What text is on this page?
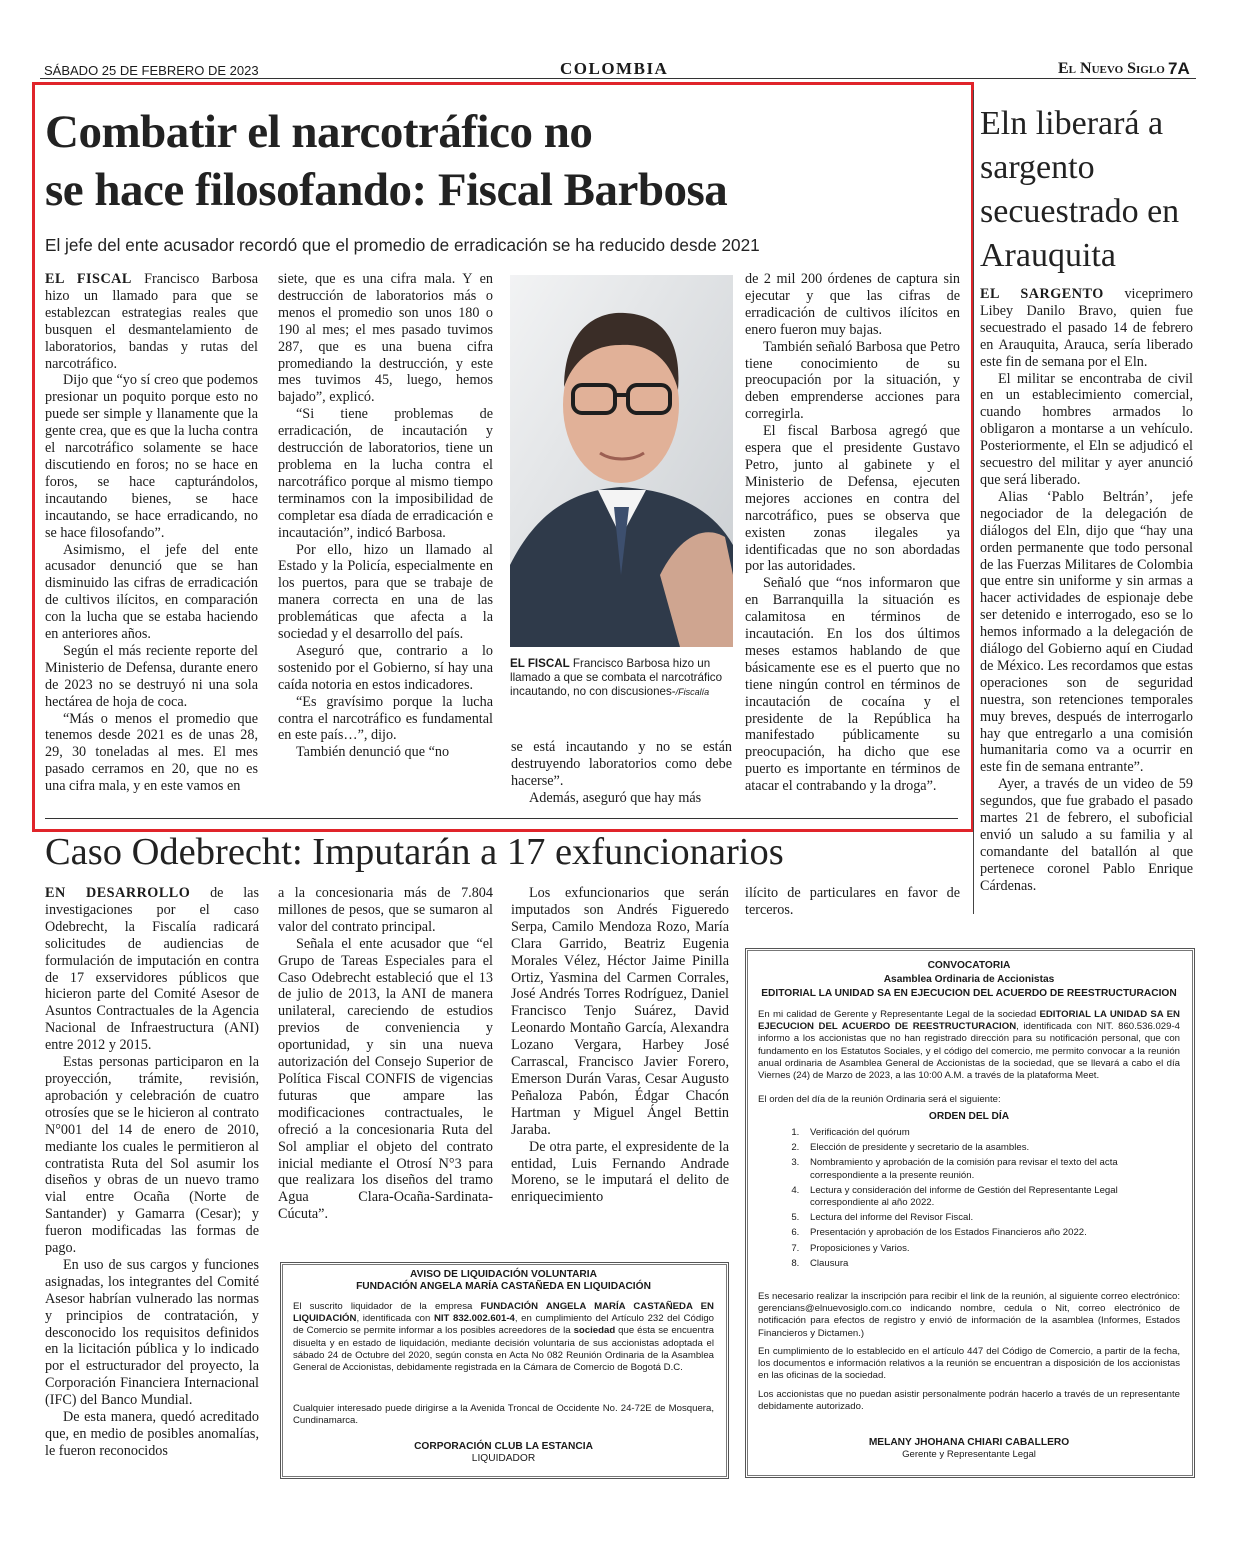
SÁBADO 25 DE FEBRERO DE 2023	COLOMBIA	El Nuevo Siglo 7A
Combatir el narcotráfico no
se hace filosofando: Fiscal Barbosa
El jefe del ente acusador recordó que el promedio de erradicación se ha reducido desde 2021

EL FISCAL Francisco Barbosa hizo un llamado para que se establezcan estrategias reales que busquen el desmantelamiento de laboratorios, bandas y rutas del narcotráfico.

Dijo que “yo sí creo que podemos presionar un poquito porque esto no puede ser simple y llanamente que la gente crea, que es que la lucha contra el narcotráfico solamente se hace discutiendo en foros; no se hace en foros, se hace capturándolos, incautando bienes, se hace incautando, se hace erradicando, no se hace filosofando”.

Asimismo, el jefe del ente acusador denunció que se han disminuido las cifras de erradicación de cultivos ilícitos, en comparación con la lucha que se estaba haciendo en anteriores años.

Según el más reciente reporte del Ministerio de Defensa, durante enero de 2023 no se destruyó ni una sola hectárea de hoja de coca.

“Más o menos el promedio que tenemos desde 2021 es de unas 28, 29, 30 toneladas al mes. El mes pasado cerramos en 20, que no es una cifra mala, y en este vamos en

siete, que es una cifra mala. Y en destrucción de laboratorios más o menos el promedio son unos 180 o 190 al mes; el mes pasado tuvimos 287, que es una buena cifra promediando la destrucción, y este mes tuvimos 45, luego, hemos bajado”, explicó.

“Si tiene problemas de erradicación, de incautación y destrucción de laboratorios, tiene un problema en la lucha contra el narcotráfico porque al mismo tiempo terminamos con la imposibilidad de completar esa díada de erradicación e incautación”, indicó Barbosa.

Por ello, hizo un llamado al Estado y la Policía, especialmente en los puertos, para que se trabaje de manera correcta en una de las problemáticas que afecta a la sociedad y el desarrollo del país.

Aseguró que, contrario a lo sostenido por el Gobierno, sí hay una caída notoria en estos indicadores.

“Es gravísimo porque la lucha contra el narcotráfico es fundamental en este país…”, dijo.

También denunció que “no

EL FISCAL Francisco Barbosa hizo un llamado a que se combata el narcotráfico incautando, no con discusiones-/Fiscalía

se está incautando y no se están destruyendo laboratorios como debe hacerse”.

Además, aseguró que hay más

de 2 mil 200 órdenes de captura sin ejecutar y que las cifras de erradicación de cultivos ilícitos en enero fueron muy bajas.

También señaló Barbosa que Petro tiene conocimiento de su preocupación por la situación, y deben emprenderse acciones para corregirla.

El fiscal Barbosa agregó que espera que el presidente Gustavo Petro, junto al gabinete y el Ministerio de Defensa, ejecuten mejores acciones en contra del narcotráfico, pues se observa que existen zonas ilegales ya identificadas que no son abordadas por las autoridades.

Señaló que “nos informaron que en Barranquilla la situación es calamitosa en términos de incautación. En los dos últimos meses estamos hablando de que básicamente ese es el puerto que no tiene ningún control en términos de incautación de cocaína y el presidente de la República ha manifestado públicamente su preocupación, ha dicho que ese puerto es importante en términos de atacar el contrabando y la droga”.

Eln liberará a sargento secuestrado en Arauquita

EL SARGENTO viceprimero Libey Danilo Bravo, quien fue secuestrado el pasado 14 de febrero en Arauquita, Arauca, sería liberado este fin de semana por el Eln.

El militar se encontraba de civil en un establecimiento comercial, cuando hombres armados lo obligaron a montarse a un vehículo. Posteriormente, el Eln se adjudicó el secuestro del militar y ayer anunció que será liberado.

Alias ‘Pablo Beltrán’, jefe negociador de la delegación de diálogos del Eln, dijo que “hay una orden permanente que todo personal de las Fuerzas Militares de Colombia que entre sin uniforme y sin armas a hacer actividades de espionaje debe ser detenido e interrogado, eso se lo hemos informado a la delegación de diálogo del Gobierno aquí en Ciudad de México. Les recordamos que estas operaciones son de seguridad nuestra, son retenciones temporales muy breves, después de interrogarlo hay que entregarlo a una comisión humanitaria como va a ocurrir en este fin de semana entrante”.

Ayer, a través de un video de 59 segundos, que fue grabado el pasado martes 21 de febrero, el suboficial envió un saludo a su familia y al comandante del batallón al que pertenece coronel Pablo Enrique Cárdenas.

Caso Odebrecht: Imputarán a 17 exfuncionarios

EN DESARROLLO de las investigaciones por el caso Odebrecht, la Fiscalía radicará solicitudes de audiencias de formulación de imputación en contra de 17 exservidores públicos que hicieron parte del Comité Asesor de Asuntos Contractuales de la Agencia Nacional de Infraestructura (ANI) entre 2012 y 2015.

Estas personas participaron en la proyección, trámite, revisión, aprobación y celebración de cuatro otrosíes que se le hicieron al contrato N°001 del 14 de enero de 2010, mediante los cuales le permitieron al contratista Ruta del Sol asumir los diseños y obras de un nuevo tramo vial entre Ocaña (Norte de Santander) y Gamarra (Cesar); y fueron modificadas las formas de pago.

En uso de sus cargos y funciones asignadas, los integrantes del Comité Asesor habrían vulnerado las normas y principios de contratación, y desconocido los requisitos definidos en la licitación pública y lo indicado por el estructurador del proyecto, la Corporación Financiera Internacional (IFC) del Banco Mundial.

De esta manera, quedó acreditado que, en medio de posibles anomalías, le fueron reconocidos

a la concesionaria más de 7.804 millones de pesos, que se sumaron al valor del contrato principal.

Señala el ente acusador que “el Grupo de Tareas Especiales para el Caso Odebrecht estableció que el 13 de julio de 2013, la ANI de manera unilateral, careciendo de estudios previos de conveniencia y oportunidad, y sin una nueva autorización del Consejo Superior de Política Fiscal CONFIS de vigencias futuras que ampare las modificaciones contractuales, le ofreció a la concesionaria Ruta del Sol ampliar el objeto del contrato inicial mediante el Otrosí N°3 para que realizara los diseños del tramo Agua Clara-Ocaña-Sardinata-Cúcuta”.

Los exfuncionarios que serán imputados son Andrés Figueredo Serpa, Camilo Mendoza Rozo, María Clara Garrido, Beatriz Eugenia Morales Vélez, Héctor Jaime Pinilla Ortiz, Yasmina del Carmen Corrales, José Andrés Torres Rodríguez, Daniel Francisco Tenjo Suárez, David Leonardo Montaño García, Alexandra Lozano Vergara, Harbey José Carrascal, Francisco Javier Forero, Emerson Durán Varas, Cesar Augusto Peñaloza Pabón, Édgar Chacón Hartman y Miguel Ángel Bettin Jaraba.

De otra parte, el expresidente de la entidad, Luis Fernando Andrade Moreno, se le imputará el delito de enriquecimiento

ilícito de particulares en favor de terceros.

AVISO DE LIQUIDACIÓN VOLUNTARIA
FUNDACIÓN ANGELA MARÍA CASTAÑEDA EN LIQUIDACIÓN
El suscrito liquidador de la empresa FUNDACIÓN ANGELA MARÍA CASTAÑEDA EN LIQUIDACIÓN, identificada con NIT 832.002.601-4, en cumplimiento del Artículo 232 del Código de Comercio se permite informar a los posibles acreedores de la sociedad que ésta se encuentra disuelta y en estado de liquidación, mediante decisión voluntaria de sus accionistas adoptada el sábado 24 de Octubre del 2020, según consta en Acta No 082 Reunión Ordinaria de la Asamblea General de Accionistas, debidamente registrada en la Cámara de Comercio de Bogotá D.C.
Cualquier interesado puede dirigirse a la Avenida Troncal de Occidente No. 24-72E de Mosquera, Cundinamarca.
CORPORACIÓN CLUB LA ESTANCIA
LIQUIDADOR
CONVOCATORIA
Asamblea Ordinaria de Accionistas
EDITORIAL LA UNIDAD SA EN EJECUCION DEL ACUERDO DE REESTRUCTURACION
En mi calidad de Gerente y Representante Legal de la sociedad EDITORIAL LA UNIDAD SA EN EJECUCION DEL ACUERDO DE REESTRUCTURACION, identificada con NIT. 860.536.029-4 informo a los accionistas que no han registrado dirección para su notificación personal, que con fundamento en los Estatutos Sociales, y el código del comercio, me permito convocar a la reunión anual ordinaria de Asamblea General de Accionistas de la sociedad, que se llevará a cabo el día Viernes (24) de Marzo de 2023, a las 10:00 A.M. a través de la plataforma Meet.
El orden del día de la reunión Ordinaria será el siguiente:
ORDEN DEL DÍA
1. Verificación del quórum
2. Elección de presidente y secretario de la asambles.
3. Nombramiento y aprobación de la comisión para revisar el texto del acta correspondiente a la presente reunión.
4. Lectura y consideración del informe de Gestión del Representante Legal correspondiente al año 2022.
5. Lectura del informe del Revisor Fiscal.
6. Presentación y aprobación de los Estados Financieros año 2022.
7. Proposiciones y Varios.
8. Clausura
Es necesario realizar la inscripción para recibir el link de la reunión, al siguiente correo electrónico: gerencians@elnuevosiglo.com.co indicando nombre, cedula o Nit, correo electrónico de notificación para efectos de registro y envió de información de la asamblea (Informes, Estados Financieros y Dictamen.)
En cumplimiento de lo establecido en el artículo 447 del Código de Comercio, a partir de la fecha, los documentos e información relativos a la reunión se encuentran a disposición de los accionistas en las oficinas de la sociedad.
Los accionistas que no puedan asistir personalmente podrán hacerlo a través de un representante debidamente autorizado.
MELANY JHOHANA CHIARI CABALLERO
Gerente y Representante Legal
